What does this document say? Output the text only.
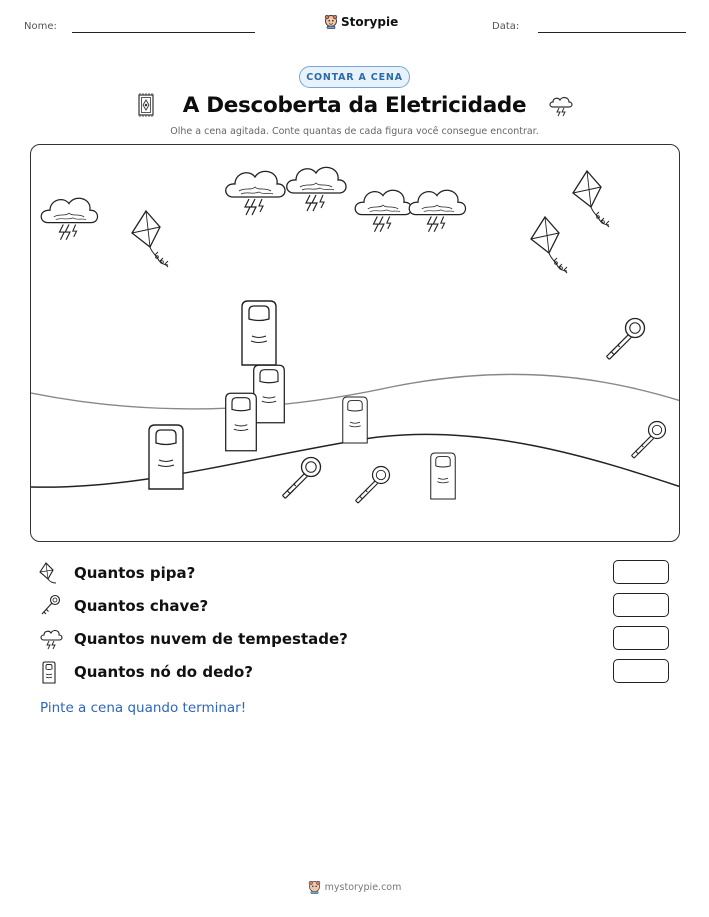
Nome:	Storypie	Data:
CONTAR A CENA
A Descoberta da Eletricidade
Olhe a cena agitada. Conte quantas de cada figura você consegue encontrar.
Quantos pipa?
Quantos chave?
Quantos nuvem de tempestade?
Quantos nó do dedo?
Pinte a cena quando terminar!
mystorypie.com
